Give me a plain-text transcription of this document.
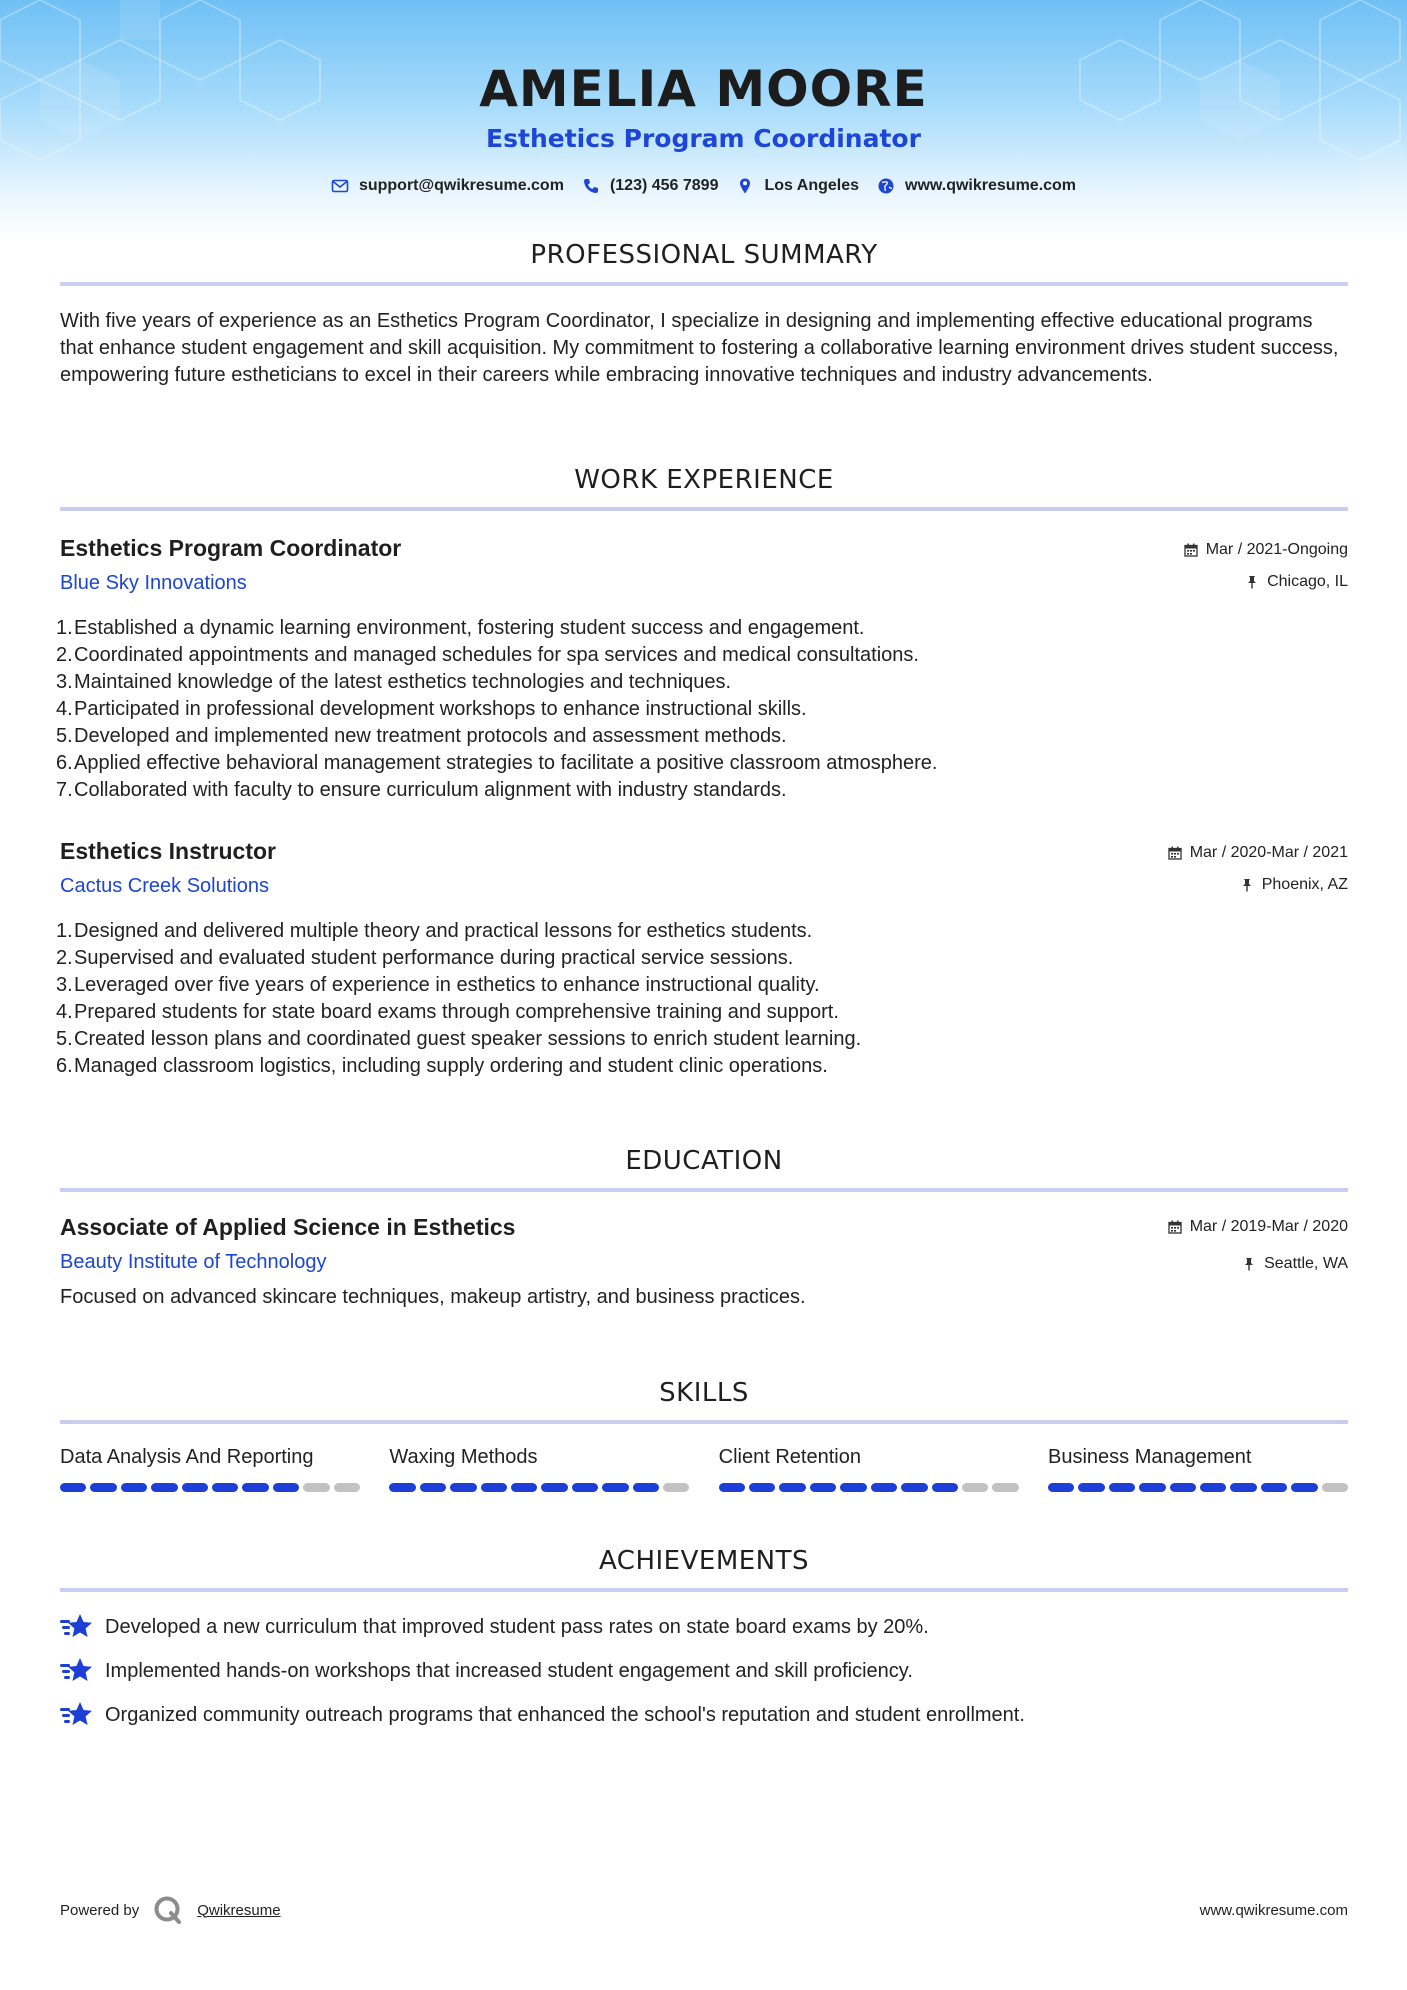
AMELIA MOORE
Esthetics Program Coordinator
support@qwikresume.com	(123) 456 7899	Los Angeles	www.qwikresume.com
PROFESSIONAL SUMMARY

With five years of experience as an Esthetics Program Coordinator, I specialize in designing and implementing effective educational programs that enhance student engagement and skill acquisition. My commitment to fostering a collaborative learning environment drives student success, empowering future estheticians to excel in their careers while embracing innovative techniques and industry advancements.

WORK EXPERIENCE
Esthetics Program Coordinator
Blue Sky Innovations
Mar / 2021-Ongoing
Chicago, IL
1. Established a dynamic learning environment, fostering student success and engagement.
2. Coordinated appointments and managed schedules for spa services and medical consultations.
3. Maintained knowledge of the latest esthetics technologies and techniques.
4. Participated in professional development workshops to enhance instructional skills.
5. Developed and implemented new treatment protocols and assessment methods.
6. Applied effective behavioral management strategies to facilitate a positive classroom atmosphere.
7. Collaborated with faculty to ensure curriculum alignment with industry standards.
Esthetics Instructor
Cactus Creek Solutions
Mar / 2020-Mar / 2021
Phoenix, AZ
1. Designed and delivered multiple theory and practical lessons for esthetics students.
2. Supervised and evaluated student performance during practical service sessions.
3. Leveraged over five years of experience in esthetics to enhance instructional quality.
4. Prepared students for state board exams through comprehensive training and support.
5. Created lesson plans and coordinated guest speaker sessions to enrich student learning.
6. Managed classroom logistics, including supply ordering and student clinic operations.
EDUCATION
Associate of Applied Science in Esthetics
Beauty Institute of Technology
Mar / 2019-Mar / 2020
Seattle, WA

Focused on advanced skincare techniques, makeup artistry, and business practices.

SKILLS
Data Analysis And Reporting	Waxing Methods	Client Retention	Business Management
ACHIEVEMENTS
Developed a new curriculum that improved student pass rates on state board exams by 20%.
Implemented hands-on workshops that increased student engagement and skill proficiency.
Organized community outreach programs that enhanced the school's reputation and student enrollment.
Powered by	Qwikresume	www.qwikresume.com
